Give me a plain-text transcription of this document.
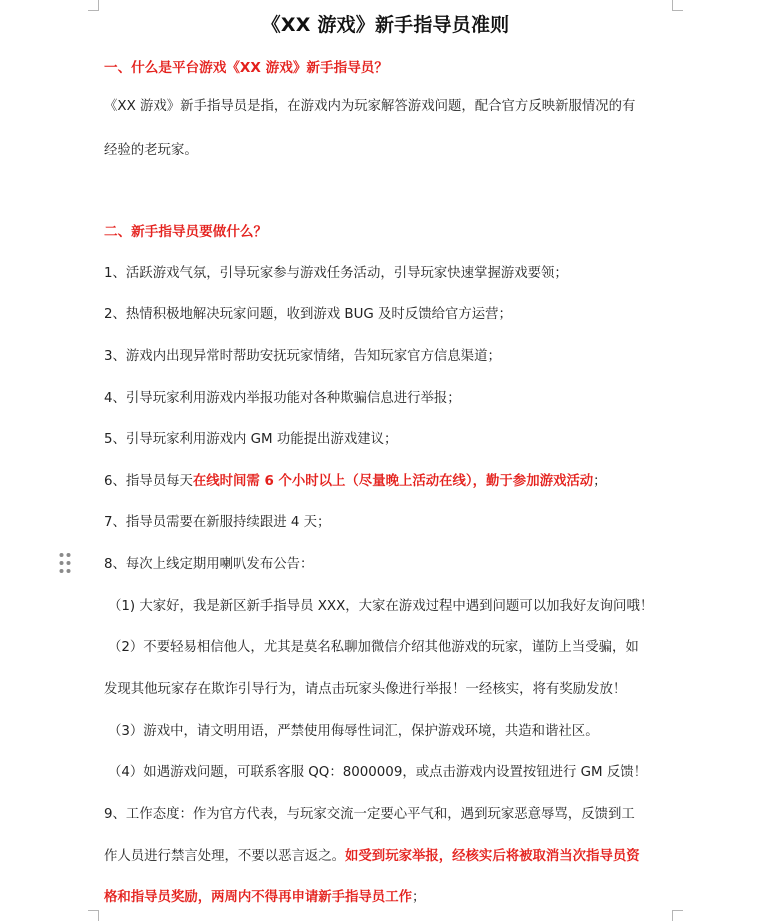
《XX 游戏》新手指导员准则
一、什么是平台游戏《XX 游戏》新手指导员？
《XX 游戏》新手指导员是指，在游戏内为玩家解答游戏问题，配合官方反映新服情况的有
经验的老玩家。
二、新手指导员要做什么？
1、活跃游戏气氛，引导玩家参与游戏任务活动，引导玩家快速掌握游戏要领；
2、热情积极地解决玩家问题，收到游戏 BUG 及时反馈给官方运营；
3、游戏内出现异常时帮助安抚玩家情绪，告知玩家官方信息渠道；
4、引导玩家利用游戏内举报功能对各种欺骗信息进行举报；
5、引导玩家利用游戏内 GM 功能提出游戏建议；
6、指导员每天在线时间需 6 个小时以上（尽量晚上活动在线），勤于参加游戏活动；
7、指导员需要在新服持续跟进 4 天；
8、每次上线定期用喇叭发布公告：
（1) 大家好，我是新区新手指导员 XXX，大家在游戏过程中遇到问题可以加我好友询问哦！
（2）不要轻易相信他人，尤其是莫名私聊加微信介绍其他游戏的玩家，谨防上当受骗，如
发现其他玩家存在欺诈引导行为，请点击玩家头像进行举报！一经核实，将有奖励发放！
（3）游戏中，请文明用语，严禁使用侮辱性词汇，保护游戏环境，共造和谐社区。
（4）如遇游戏问题，可联系客服 QQ：8000009，或点击游戏内设置按钮进行 GM 反馈！
9、工作态度：作为官方代表，与玩家交流一定要心平气和，遇到玩家恶意辱骂，反馈到工
作人员进行禁言处理，不要以恶言返之。如受到玩家举报，经核实后将被取消当次指导员资
格和指导员奖励，两周内不得再申请新手指导员工作；
